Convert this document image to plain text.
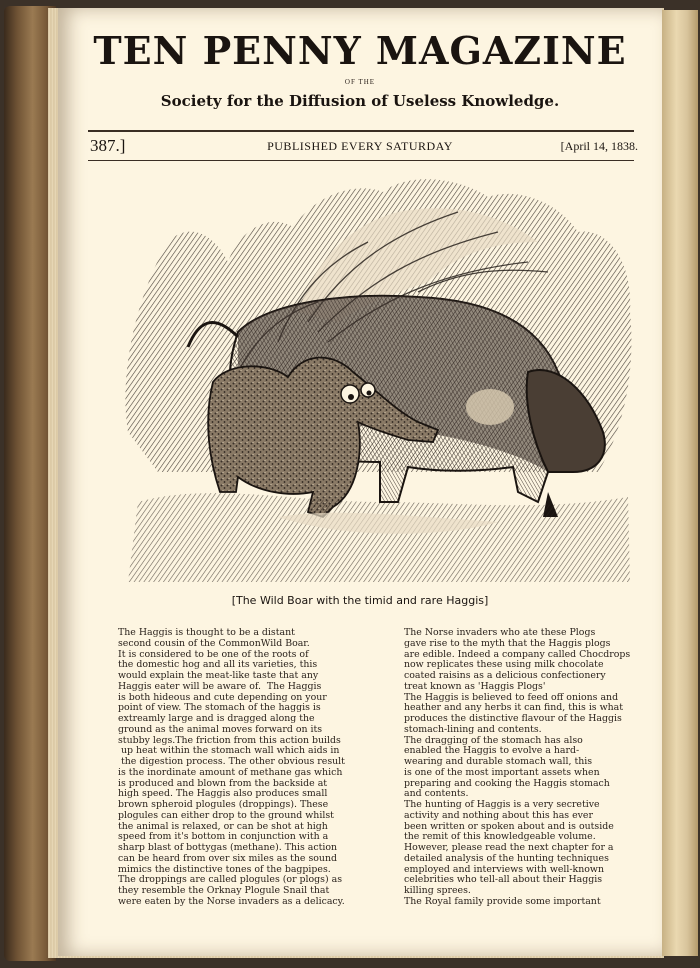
TEN PENNY MAGAZINE
OF THE
Society for the Diffusion of Useless Knowledge.
387.]	PUBLISHED EVERY SATURDAY	[April 14, 1838.
[The Wild Boar with the timid and rare Haggis]

The Haggis is thought to be a distant

second cousin of the CommonWild Boar.

It is considered to be one of the roots of

the domestic hog and all its varieties, this

would explain the meat-like taste that any

Haggis eater will be aware of.  The Haggis

is both hideous and cute depending on your

point of view. The stomach of the haggis is

extreamly large and is dragged along the

ground as the animal moves forward on its

stubby legs.The friction from this action builds

up heat within the stomach wall which aids in

the digestion process. The other obvious result

is the inordinate amount of methane gas which

is produced and blown from the backside at

high speed. The Haggis also produces small

brown spheroid plogules (droppings). These

plogules can either drop to the ground whilst

the animal is relaxed, or can be shot at high

speed from it's bottom in conjunction with a

sharp blast of bottygas (methane). This action

can be heard from over six miles as the sound

mimics the distinctive tones of the bagpipes.

The droppings are called plogules (or plogs) as

they resemble the Orknay Plogule Snail that

were eaten by the Norse invaders as a delicacy.

The Norse invaders who ate these Plogs

gave rise to the myth that the Haggis plogs

are edible. Indeed a company called Chocdrops

now replicates these using milk chocolate

coated raisins as a delicious confectionery

treat known as 'Haggis Plogs'

The Haggis is believed to feed off onions and

heather and any herbs it can find, this is what

produces the distinctive flavour of the Haggis

stomach-lining and contents.

The dragging of the stomach has also

enabled the Haggis to evolve a hard-

wearing and durable stomach wall, this

is one of the most important assets when

preparing and cooking the Haggis stomach

and contents.

The hunting of Haggis is a very secretive

activity and nothing about this has ever

been written or spoken about and is outside

the remit of this knowledgeable volume.

However, please read the next chapter for a

detailed analysis of the hunting techniques

employed and interviews with well-known

celebrities who tell-all about their Haggis

killing sprees.

The Royal family provide some important
